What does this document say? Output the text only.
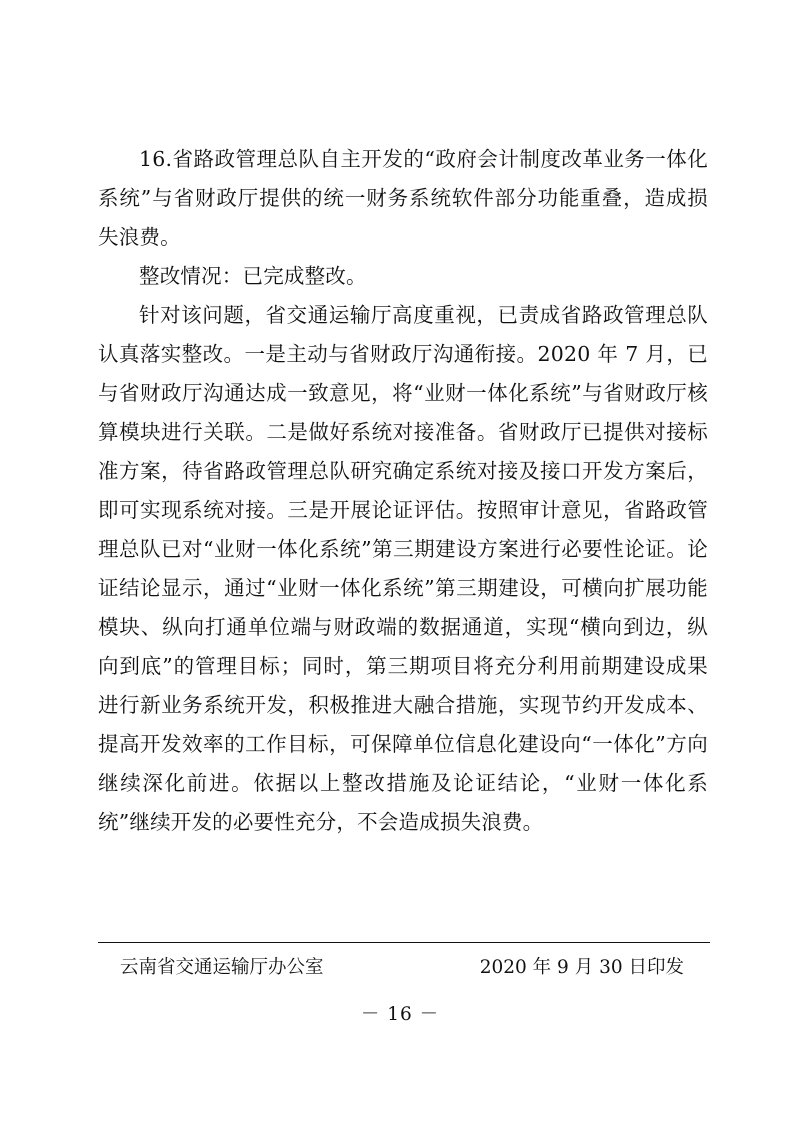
16.省路政管理总队自主开发的“政府会计制度改革业务一体化系统”与省财政厅提供的统一财务系统软件部分功能重叠，造成损失浪费。

整改情况：已完成整改。

针对该问题，省交通运输厅高度重视，已责成省路政管理总队认真落实整改。一是主动与省财政厅沟通衔接。2020 年 7 月，已与省财政厅沟通达成一致意见，将“业财一体化系统”与省财政厅核算模块进行关联。二是做好系统对接准备。省财政厅已提供对接标准方案，待省路政管理总队研究确定系统对接及接口开发方案后，即可实现系统对接。三是开展论证评估。按照审计意见，省路政管理总队已对“业财一体化系统”第三期建设方案进行必要性论证。论证结论显示，通过“业财一体化系统”第三期建设，可横向扩展功能模块、纵向打通单位端与财政端的数据通道，实现“横向到边，纵向到底”的管理目标；同时，第三期项目将充分利用前期建设成果进行新业务系统开发，积极推进大融合措施，实现节约开发成本、提高开发效率的工作目标，可保障单位信息化建设向“一体化”方向继续深化前进。依据以上整改措施及论证结论，“业财一体化系统”继续开发的必要性充分，不会造成损失浪费。

云南省交通运输厅办公室	2020 年 9 月 30 日印发
－ 16 －
